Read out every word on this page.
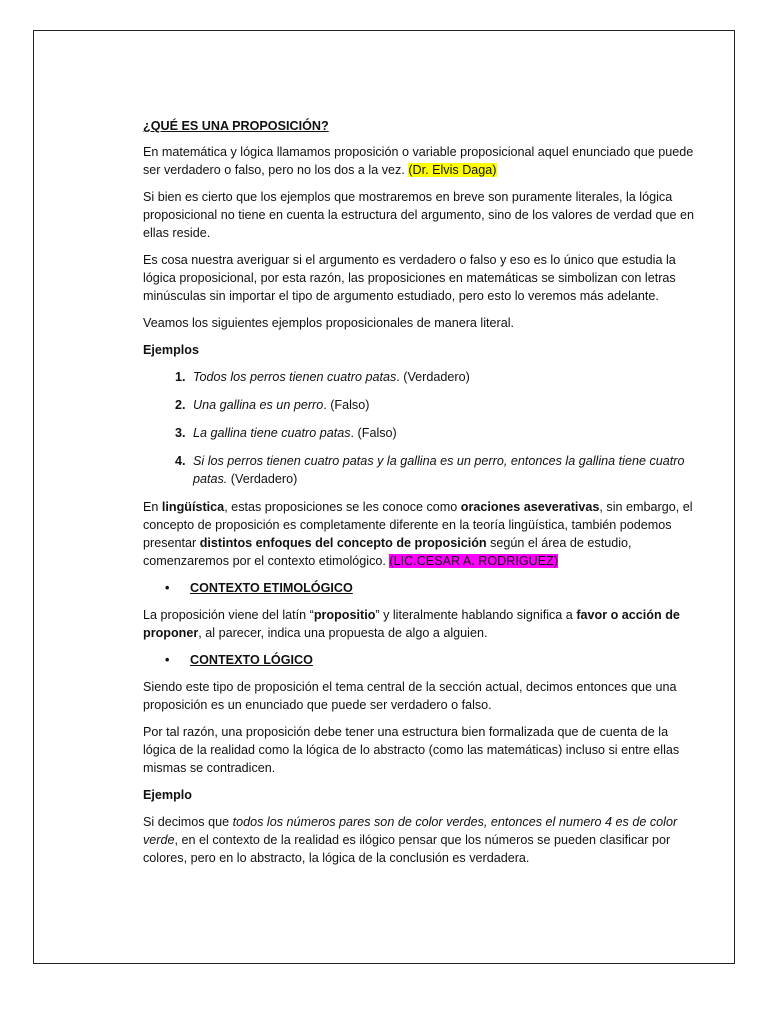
¿QUÉ ES UNA PROPOSICIÓN?

En matemática y lógica llamamos proposición o variable proposicional aquel enunciado que puede ser verdadero o falso, pero no los dos a la vez. (Dr. Elvis Daga)

Si bien es cierto que los ejemplos que mostraremos en breve son puramente literales, la lógica proposicional no tiene en cuenta la estructura del argumento, sino de los valores de verdad que en ellas reside.

Es cosa nuestra averiguar si el argumento es verdadero o falso y eso es lo único que estudia la lógica proposicional, por esta razón, las proposiciones en matemáticas se simbolizan con letras minúsculas sin importar el tipo de argumento estudiado, pero esto lo veremos más adelante.

Veamos los siguientes ejemplos proposicionales de manera literal.

Ejemplos

1. Todos los perros tienen cuatro patas. (Verdadero)
2. Una gallina es un perro. (Falso)
3. La gallina tiene cuatro patas. (Falso)
4. Si los perros tienen cuatro patas y la gallina es un perro, entonces la gallina tiene cuatro patas. (Verdadero)

En lingüística, estas proposiciones se les conoce como oraciones aseverativas, sin embargo, el concepto de proposición es completamente diferente en la teoría lingüística, también podemos presentar distintos enfoques del concepto de proposición según el área de estudio, comenzaremos por el contexto etimológico. (LIC.CESAR A. RODRIGUEZ)

• CONTEXTO ETIMOLÓGICO

La proposición viene del latín “propositio” y literalmente hablando significa a favor o acción de proponer, al parecer, indica una propuesta de algo a alguien.

• CONTEXTO LÓGICO

Siendo este tipo de proposición el tema central de la sección actual, decimos entonces que una proposición es un enunciado que puede ser verdadero o falso.

Por tal razón, una proposición debe tener una estructura bien formalizada que de cuenta de la lógica de la realidad como la lógica de lo abstracto (como las matemáticas) incluso si entre ellas mismas se contradicen.

Ejemplo

Si decimos que todos los números pares son de color verdes, entonces el numero 4 es de color verde, en el contexto de la realidad es ilógico pensar que los números se pueden clasificar por colores, pero en lo abstracto, la lógica de la conclusión es verdadera.
